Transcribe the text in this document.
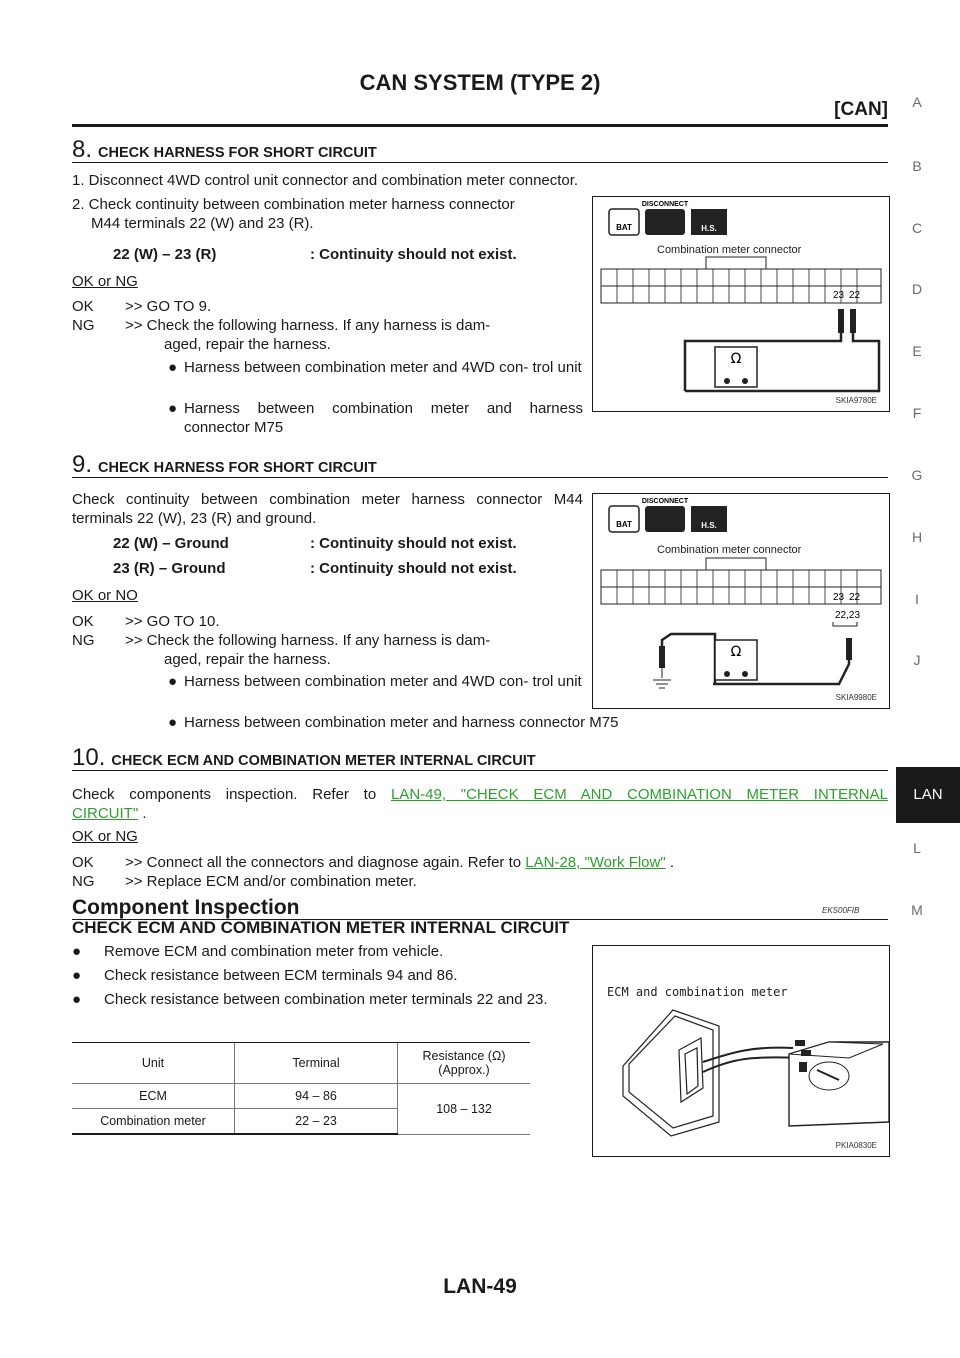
CAN SYSTEM (TYPE 2)
[CAN] A
B
C
D
E
F
G
H
I
J
LAN
L
M
8. CHECK HARNESS FOR SHORT CIRCUIT
1. Disconnect 4WD control unit connector and combination meter connector.
2. Check continuity between combination meter harness connector
M44 terminals 22 (W) and 23 (R).
22 (W) – 23 (R)	: Continuity should not exist.
OK or NG
OK >> GO TO 9.
NG >> Check the following harness. If any harness is dam-
aged, repair the harness.
● Harness between combination meter and 4WD con- trol unit
● Harness between combination meter and harness connector M75
BAT
DISCONNECT
H.S.
Combination meter connector
23 22
Ω
SKIA9780E
9. CHECK HARNESS FOR SHORT CIRCUIT
Check continuity between combination meter harness connector M44 terminals 22 (W), 23 (R) and ground.
22 (W) – Ground	: Continuity should not exist.
23 (R) – Ground	: Continuity should not exist.
OK or NO
OK >> GO TO 10.
NG >> Check the following harness. If any harness is dam-
aged, repair the harness.
● Harness between combination meter and 4WD con- trol unit
● Harness between combination meter and harness connector M75
BAT
DISCONNECT
H.S.
Combination meter connector
23 22
22,23
Ω
SKIA9980E
10. CHECK ECM AND COMBINATION METER INTERNAL CIRCUIT
Check components inspection. Refer to LAN-49, "CHECK ECM AND COMBINATION METER INTERNAL
CIRCUIT" .
OK or NG
OK >> Connect all the connectors and diagnose again. Refer to LAN-28, "Work Flow" .
NG >> Replace ECM and/or combination meter.
Component Inspection	EKS00FIB
CHECK ECM AND COMBINATION METER INTERNAL CIRCUIT
● Remove ECM and combination meter from vehicle.
● Check resistance between ECM terminals 94 and 86.
● Check resistance between combination meter terminals 22 and 23.
Unit	Terminal	Resistance (Ω)
(Approx.)

ECM	94 – 86	108 – 132
Combination meter	22 – 23	
ECM and combination meter
PKIA0830E
LAN-49
